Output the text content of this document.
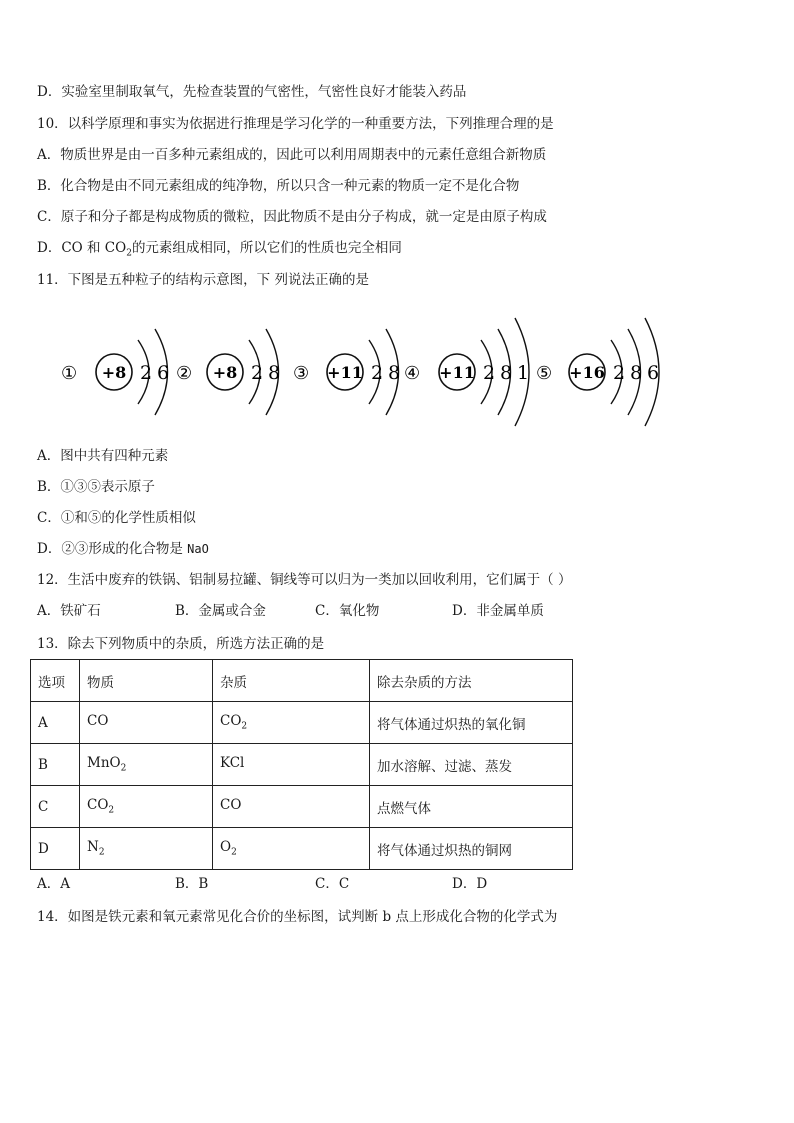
D．实验室里制取氧气，先检查装置的气密性，气密性良好才能装入药品
10．以科学原理和事实为依据进行推理是学习化学的一种重要方法，下列推理合理的是
A．物质世界是由一百多种元素组成的，因此可以利用周期表中的元素任意组合新物质
B．化合物是由不同元素组成的纯净物，所以只含一种元素的物质一定不是化合物
C．原子和分子都是构成物质的微粒，因此物质不是由分子构成，就一定是由原子构成
D．CO 和 $CO_2$的元素组成相同，所以它们的性质也完全相同
11．下图是五种粒子的结构示意图，下 列说法正确的是
① +8 2 6 ② +8 2 8 ③ +11 2 8 ④ +11 2 8 1 ⑤ +16 2 8 6
A．图中共有四种元素
B．①③⑤表示原子
C．①和⑤的化学性质相似
D．②③形成的化合物是 NaO
12．生活中废弃的铁锅、铝制易拉罐、铜线等可以归为一类加以回收利用，它们属于（ ）
A．铁矿石	B．金属或合金	C．氧化物	D．非金属单质
13．除去下列物质中的杂质，所选方法正确的是
选项	物质	杂质	除去杂质的方法
A	CO	$CO_2$	将气体通过炽热的氧化铜
B	MnO$_2$	KCl	加水溶解、过滤、蒸发
C	$CO_2$	CO	点燃气体
D	$N_2$	$O_2$	将气体通过炽热的铜网
A．A	B．B	C．C	D．D
14．如图是铁元素和氧元素常见化合价的坐标图，试判断 b 点上形成化合物的化学式为
